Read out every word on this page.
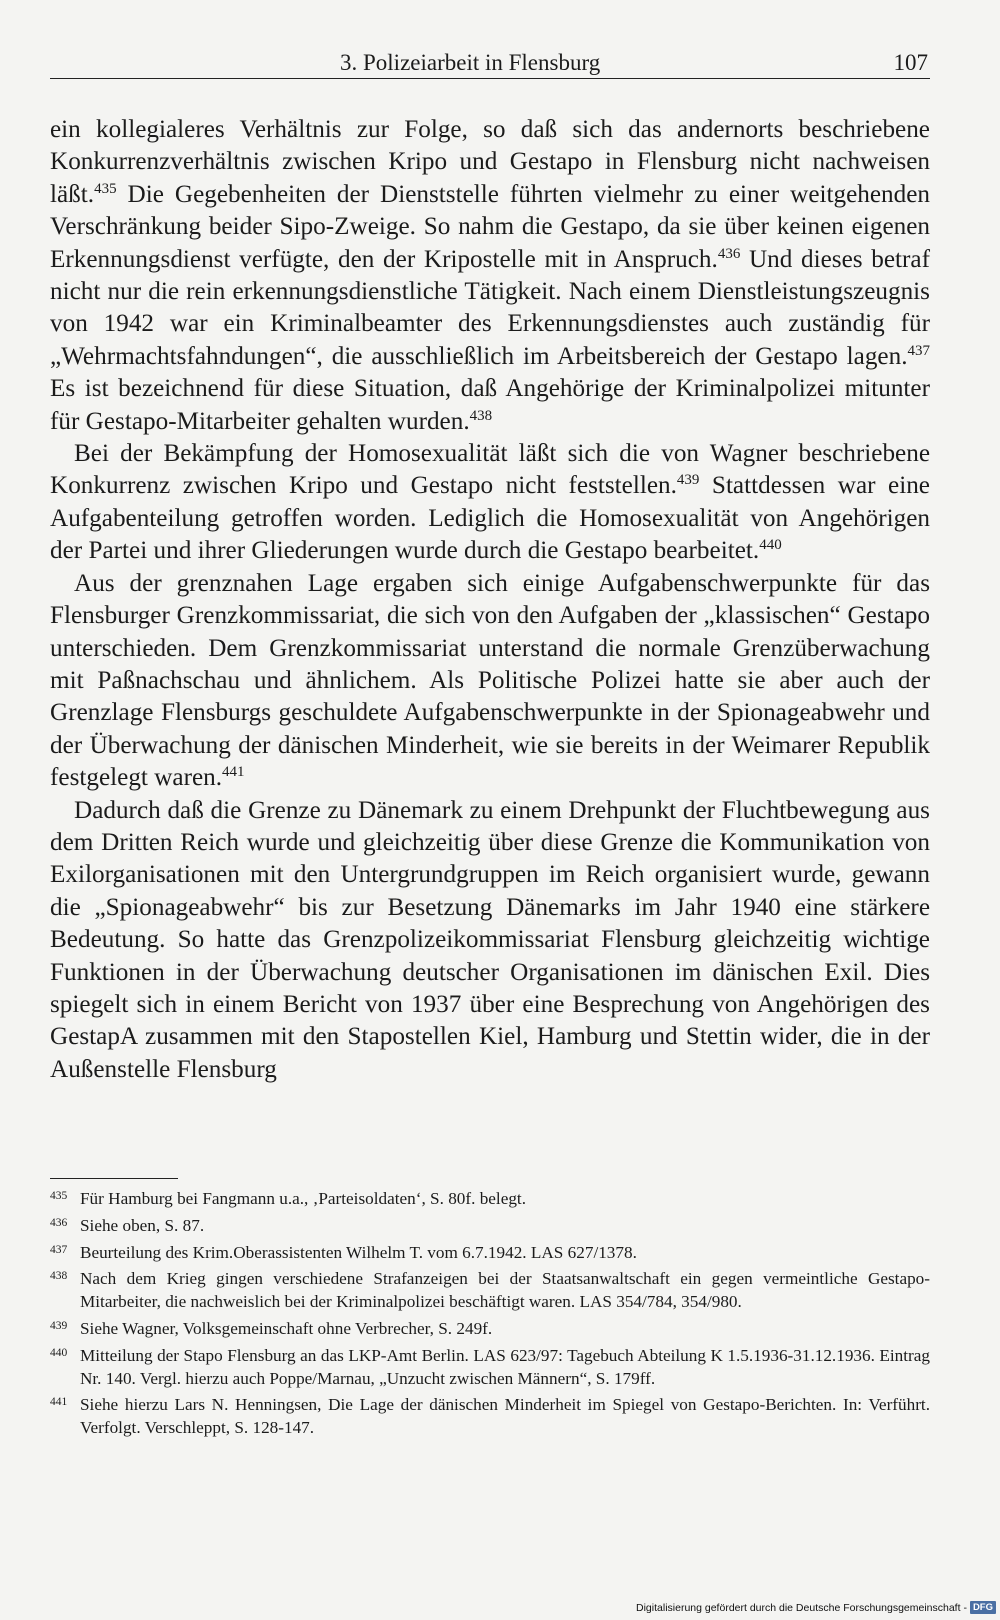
3. Polizeiarbeit in Flensburg	107

ein kollegialeres Verhältnis zur Folge, so daß sich das andernorts beschriebene Konkurrenzverhältnis zwischen Kripo und Gestapo in Flensburg nicht nachweisen läßt.$^{435}$ Die Gegebenheiten der Dienststelle führten vielmehr zu einer weitgehenden Verschränkung beider Sipo-Zweige. So nahm die Gestapo, da sie über keinen eigenen Erkennungsdienst verfügte, den der Kripostelle mit in Anspruch.$^{436}$ Und dieses betraf nicht nur die rein erkennungsdienstliche Tätigkeit. Nach einem Dienstleistungszeugnis von 1942 war ein Kriminalbeamter des Erkennungsdienstes auch zuständig für „Wehrmachtsfahndungen“, die ausschließlich im Arbeitsbereich der Gestapo lagen.$^{437}$ Es ist bezeichnend für diese Situation, daß Angehörige der Kriminalpolizei mitunter für Gestapo-Mitarbeiter gehalten wurden.$^{438}$

Bei der Bekämpfung der Homosexualität läßt sich die von Wagner beschriebene Konkurrenz zwischen Kripo und Gestapo nicht feststellen.$^{439}$ Stattdessen war eine Aufgabenteilung getroffen worden. Lediglich die Homosexualität von Angehörigen der Partei und ihrer Gliederungen wurde durch die Gestapo bearbeitet.$^{440}$

Aus der grenznahen Lage ergaben sich einige Aufgabenschwerpunkte für das Flensburger Grenzkommissariat, die sich von den Aufgaben der „klassischen“ Gestapo unterschieden. Dem Grenzkommissariat unterstand die normale Grenzüberwachung mit Paßnachschau und ähnlichem. Als Politische Polizei hatte sie aber auch der Grenzlage Flensburgs geschuldete Aufgabenschwerpunkte in der Spionageabwehr und der Überwachung der dänischen Minderheit, wie sie bereits in der Weimarer Republik festgelegt waren.$^{441}$

Dadurch daß die Grenze zu Dänemark zu einem Drehpunkt der Fluchtbewegung aus dem Dritten Reich wurde und gleichzeitig über diese Grenze die Kommunikation von Exilorganisationen mit den Untergrundgruppen im Reich organisiert wurde, gewann die „Spionageabwehr“ bis zur Besetzung Dänemarks im Jahr 1940 eine stärkere Bedeutung. So hatte das Grenzpolizeikommissariat Flensburg gleichzeitig wichtige Funktionen in der Überwachung deutscher Organisationen im dänischen Exil. Dies spiegelt sich in einem Bericht von 1937 über eine Besprechung von Angehörigen des GestapA zusammen mit den Stapostellen Kiel, Hamburg und Stettin wider, die in der Außenstelle Flensburg

435 Für Hamburg bei Fangmann u.a., ‚Parteisoldaten‘, S. 80f. belegt.
436 Siehe oben, S. 87.
437 Beurteilung des Krim.Oberassistenten Wilhelm T. vom 6.7.1942. LAS 627/1378.
438 Nach dem Krieg gingen verschiedene Strafanzeigen bei der Staatsanwaltschaft ein gegen vermeintliche Gestapo-Mitarbeiter, die nachweislich bei der Kriminalpolizei beschäftigt waren. LAS 354/784, 354/980.
439 Siehe Wagner, Volksgemeinschaft ohne Verbrecher, S. 249f.
440 Mitteilung der Stapo Flensburg an das LKP-Amt Berlin. LAS 623/97: Tagebuch Abteilung K 1.5.1936-31.12.1936. Eintrag Nr. 140. Vergl. hierzu auch Poppe/Marnau, „Unzucht zwischen Männern“, S. 179ff.
441 Siehe hierzu Lars N. Henningsen, Die Lage der dänischen Minderheit im Spiegel von Gestapo-Berichten. In: Verführt. Verfolgt. Verschleppt, S. 128-147.
Digitalisierung gefördert durch die Deutsche Forschungsgemeinschaft - DFG
